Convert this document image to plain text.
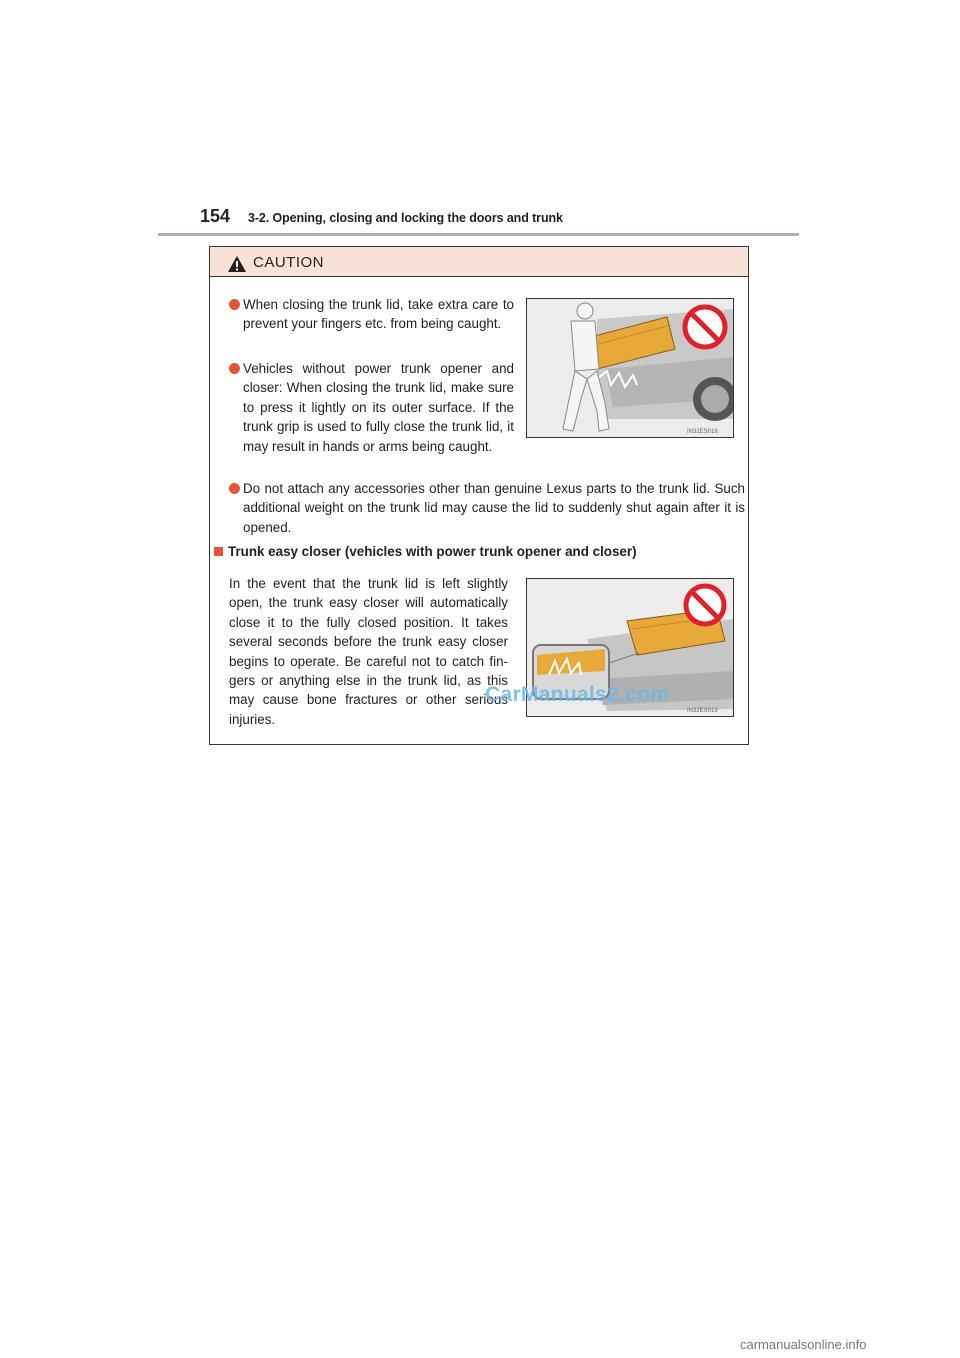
154 3-2. Opening, closing and locking the doors and trunk
CAUTION
When closing the trunk lid, take extra care to prevent your fingers etc. from being caught.
Vehicles without power trunk opener and closer: When closing the trunk lid, make sure to press it lightly on its outer surface. If the trunk grip is used to fully close the trunk lid, it may result in hands or arms being caught.
Do not attach any accessories other than genuine Lexus parts to the trunk lid. Such additional weight on the trunk lid may cause the lid to suddenly shut again after it is opened.
Trunk easy closer (vehicles with power trunk opener and closer)
In the event that the trunk lid is left slightly open, the trunk easy closer will automatically close it to the fully closed position. It takes several seconds before the trunk easy closer begins to operate. Be careful not to catch fin-gers or anything else in the trunk lid, as this may cause bone fractures or other serious injuries.
IN32ES018
IN32ES019
CarManuals2.com
carmanualsonline.info
